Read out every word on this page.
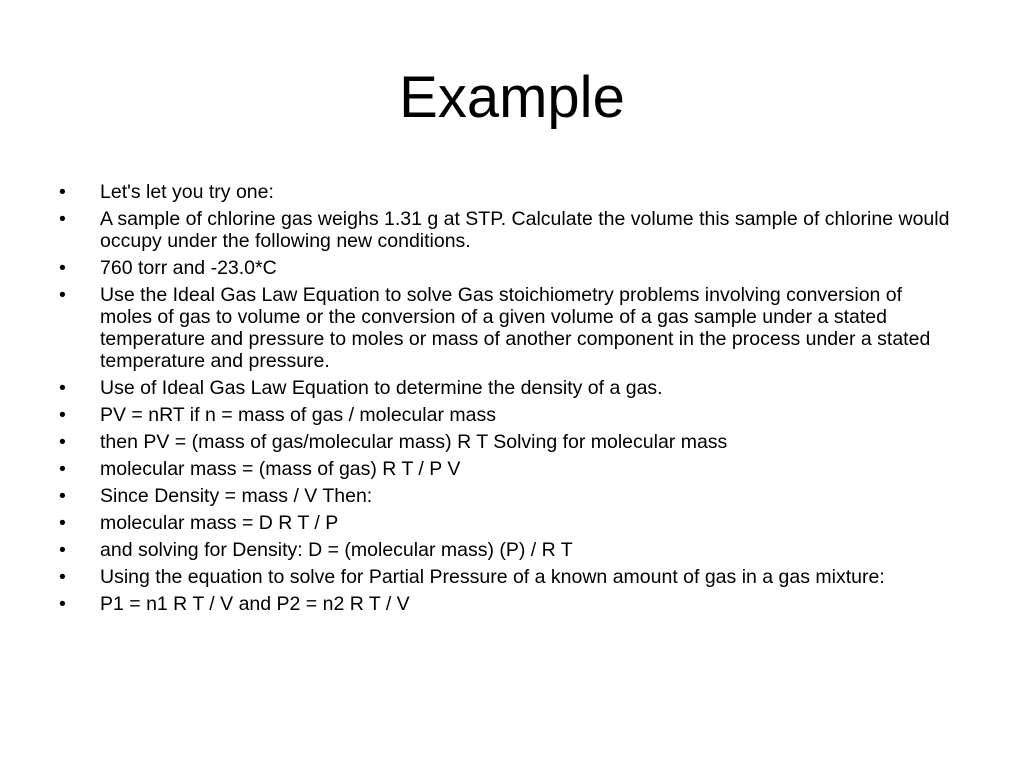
Example
•	Let's let you try one:
•	A sample of chlorine gas weighs 1.31 g at STP. Calculate the volume this sample of chlorine would occupy under the following new conditions.
•	760 torr and -23.0*C
•	Use the Ideal Gas Law Equation to solve Gas stoichiometry problems involving conversion of moles of gas to volume or the conversion of a given volume of a gas sample under a stated temperature and pressure to moles or mass of another component in the process under a stated temperature and pressure.
•	Use of Ideal Gas Law Equation to determine the density of a gas.
•	PV = nRT if n = mass of gas / molecular mass
•	then PV = (mass of gas/molecular mass) R T Solving for molecular mass
•	molecular mass = (mass of gas) R T / P V
•	Since Density = mass / V Then:
•	molecular mass = D R T / P
•	and solving for Density: D = (molecular mass) (P) / R T
•	Using the equation to solve for Partial Pressure of a known amount of gas in a gas mixture:
•	P1 = n1 R T / V and P2 = n2 R T / V
